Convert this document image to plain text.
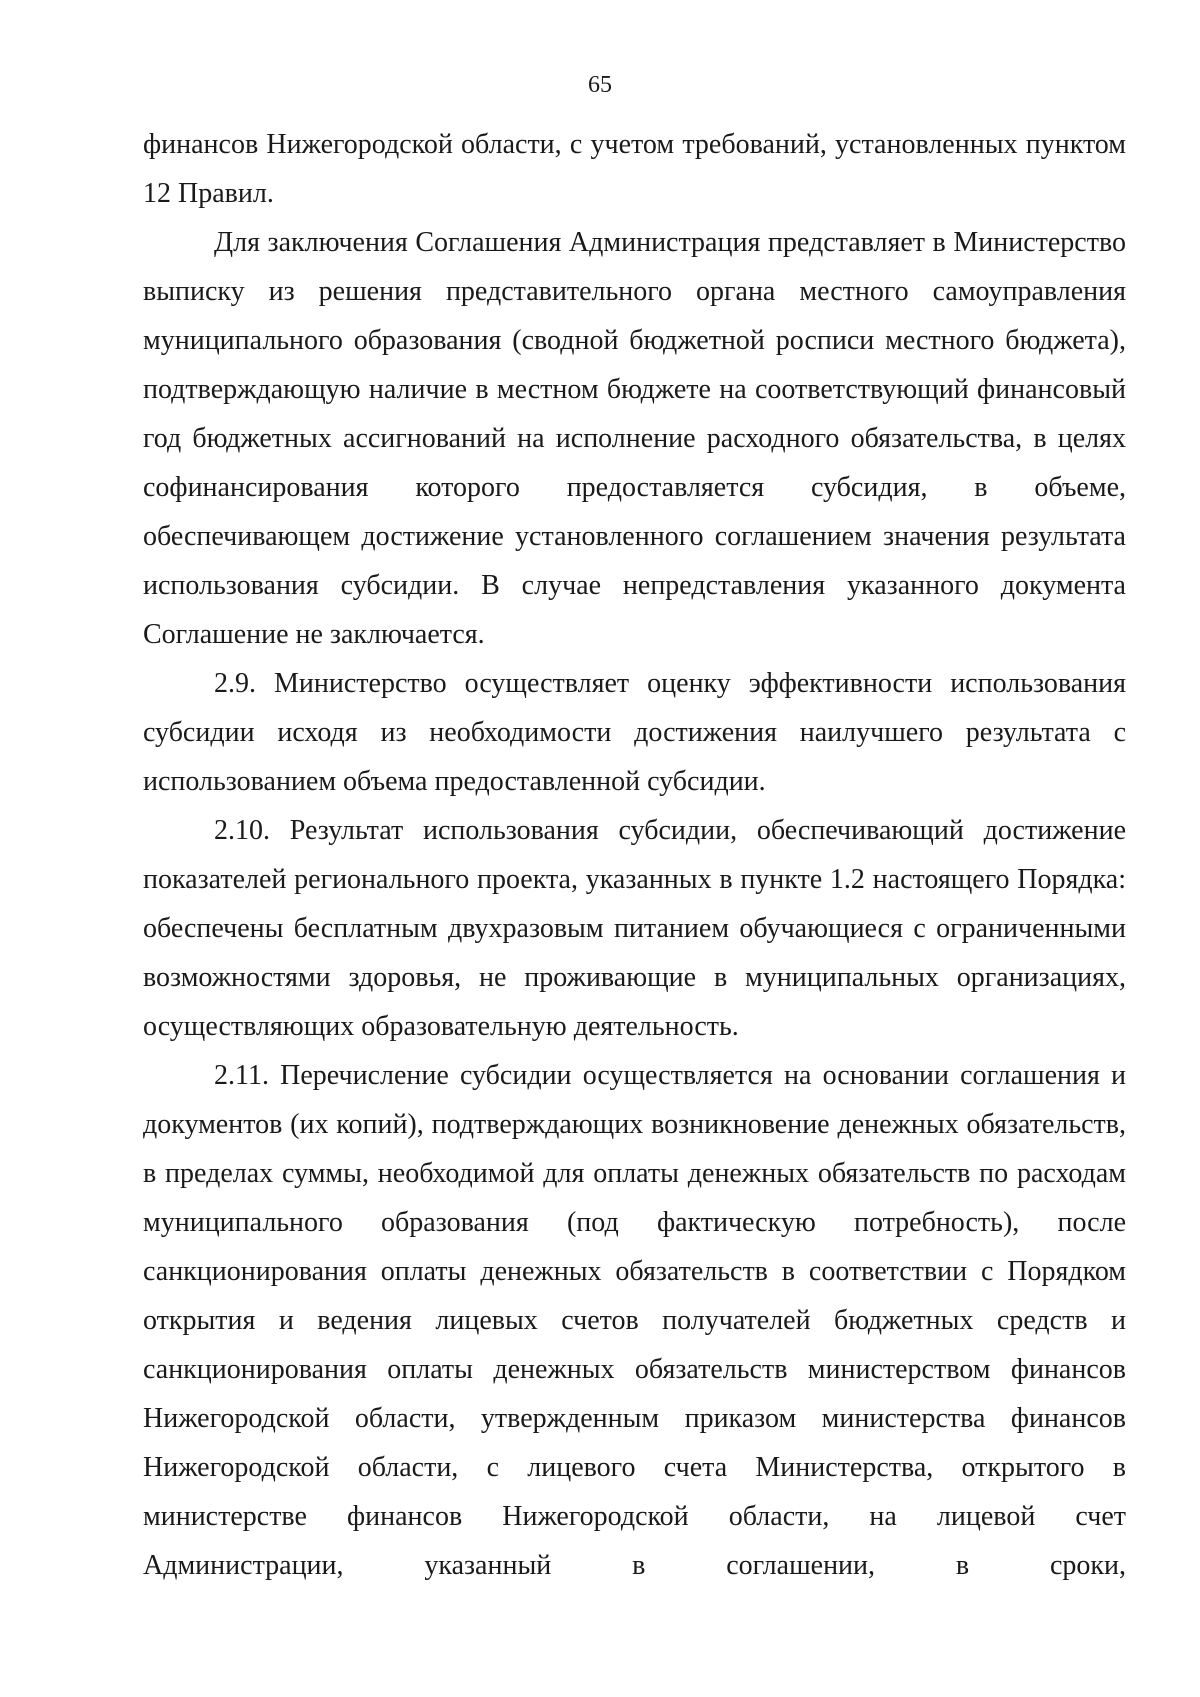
65

финансов Нижегородской области, с учетом требований, установленных пунктом 12 Правил.

Для заключения Соглашения Администрация представляет в Министерство выписку из решения представительного органа местного самоуправления муниципального образования (сводной бюджетной росписи местного бюджета), подтверждающую наличие в местном бюджете на соответствующий финансовый год бюджетных ассигнований на исполнение расходного обязательства, в целях софинансирования которого предоставляется субсидия, в объеме, обеспечивающем достижение установленного соглашением значения результата использования субсидии. В случае непредставления указанного документа Соглашение не заключается.

2.9. Министерство осуществляет оценку эффективности использования субсидии исходя из необходимости достижения наилучшего результата с использованием объема предоставленной субсидии.

2.10. Результат использования субсидии, обеспечивающий достижение показателей регионального проекта, указанных в пункте 1.2 настоящего Порядка: обеспечены бесплатным двухразовым питанием обучающиеся с ограниченными возможностями здоровья, не проживающие в муниципальных организациях, осуществляющих образовательную деятельность.

2.11. Перечисление субсидии осуществляется на основании соглашения и документов (их копий), подтверждающих возникновение денежных обязательств, в пределах суммы, необходимой для оплаты денежных обязательств по расходам муниципального образования (под фактическую потребность), после санкционирования оплаты денежных обязательств в соответствии с Порядком открытия и ведения лицевых счетов получателей бюджетных средств и санкционирования оплаты денежных обязательств министерством финансов Нижегородской области, утвержденным приказом министерства финансов Нижегородской области, с лицевого счета Министерства, открытого в министерстве финансов Нижегородской области, на лицевой счет Администрации, указанный в соглашении, в сроки,
